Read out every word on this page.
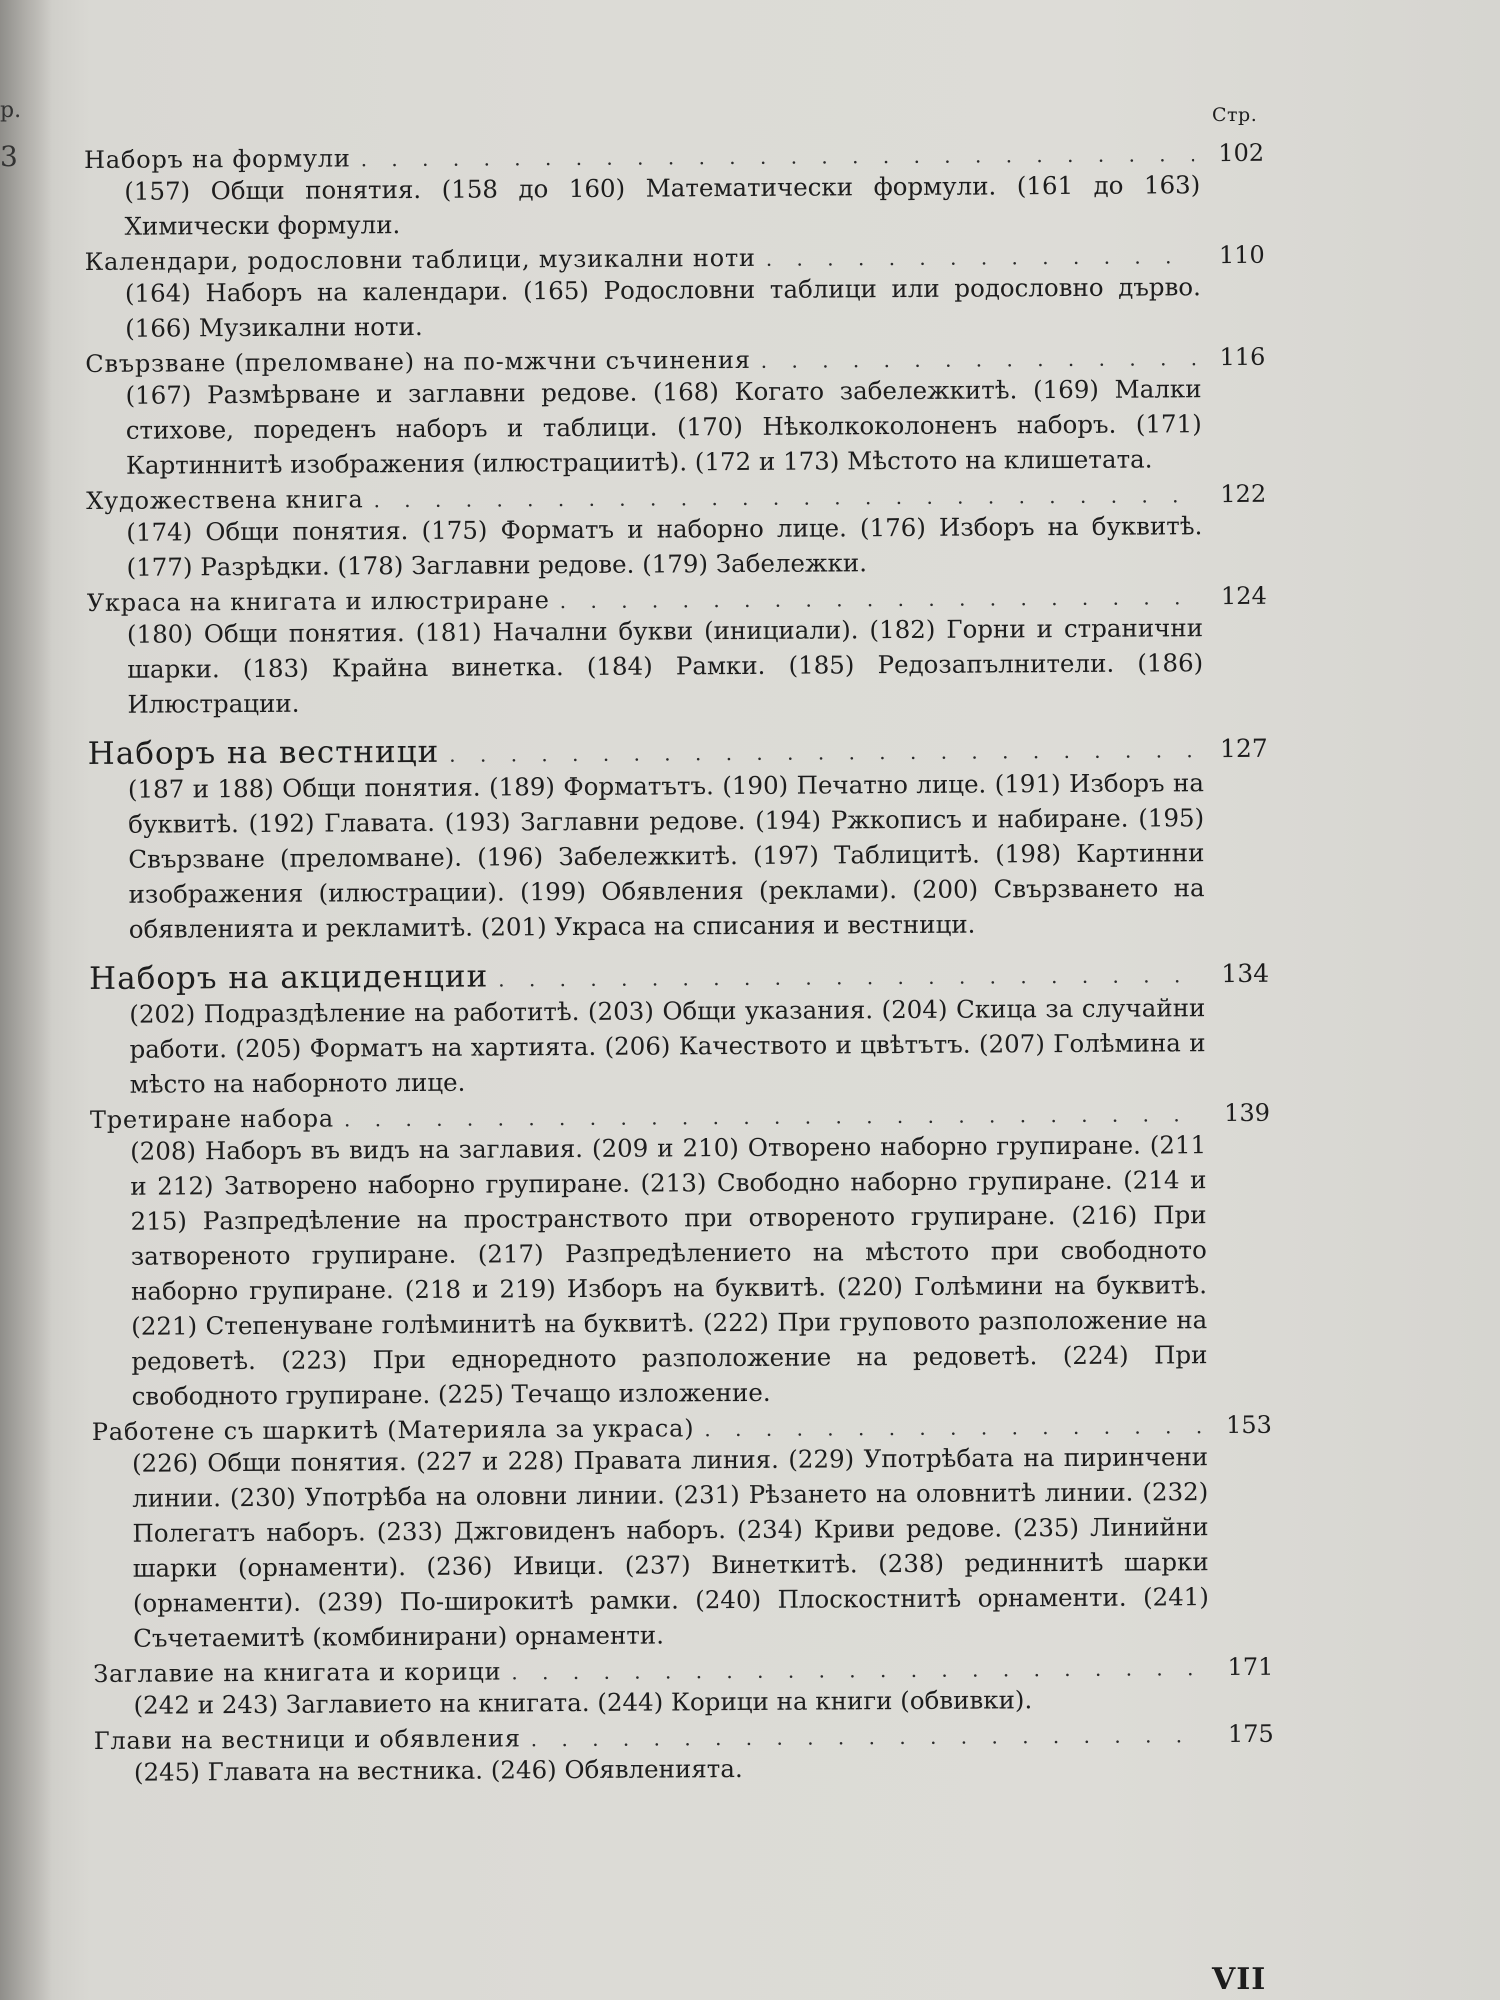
р.
3
Стр.
Наборъ на формули . . .	102
(157) Общи понятия. (158 до 160) Математически формули. (161 до 163) Химически формули.
Календари, родословни таблици, музикални ноти . . .	110
(164) Наборъ на календари. (165) Родословни таблици или родословно дърво. (166) Музикални ноти.
Свързване (преломване) на по-мжчни съчинения . . .	116
(167) Размѣрване и заглавни редове. (168) Когато забележкитѣ. (169) Малки стихове, пореденъ наборъ и таблици. (170) Нѣколкоколоненъ наборъ. (171) Картиннитѣ изображения (илюстрациитѣ). (172 и 173) Мѣстото на клишетата.
Художествена книга . . .	122
(174) Общи понятия. (175) Форматъ и наборно лице. (176) Изборъ на буквитѣ. (177) Разрѣдки. (178) Заглавни редове. (179) Забележки.
Украса на книгата и илюстриране . . .	124
(180) Общи понятия. (181) Начални букви (инициали). (182) Горни и странични шарки. (183) Крайна винетка. (184) Рамки. (185) Редозапълнители. (186) Илюстрации.
Наборъ на вестници . . .	127
(187 и 188) Общи понятия. (189) Форматътъ. (190) Печатно лице. (191) Изборъ на буквитѣ. (192) Главата. (193) Заглавни редове. (194) Ржкописъ и набиране. (195) Свързване (преломване). (196) Забележкитѣ. (197) Таблицитѣ. (198) Картинни изображения (илюстрации). (199) Обявления (реклами). (200) Свързването на обявленията и рекламитѣ. (201) Украса на списания и вестници.
Наборъ на акциденции . . .	134
(202) Подраздѣление на работитѣ. (203) Общи указания. (204) Скица за случайни работи. (205) Форматъ на хартията. (206) Качеството и цвѣтътъ. (207) Голѣмина и мѣсто на наборното лице.
Третиране набора . . .	139
(208) Наборъ въ видъ на заглавия. (209 и 210) Отворено наборно групиране. (211 и 212) Затворено наборно групиране. (213) Свободно наборно групиране. (214 и 215) Разпредѣление на пространството при отвореното групиране. (216) При затвореното групиране. (217) Разпредѣлението на мѣстото при свободното наборно групиране. (218 и 219) Изборъ на буквитѣ. (220) Голѣмини на буквитѣ. (221) Степенуване голѣминитѣ на буквитѣ. (222) При груповото разположение на редоветѣ. (223) При еднoредното разположение на редоветѣ. (224) При свободното групиране. (225) Течащо изложение.
Работене съ шаркитѣ (Материяла за украса) . . .	153
(226) Общи понятия. (227 и 228) Правата линия. (229) Употрѣбата на пиринчени линии. (230) Употрѣба на оловни линии. (231) Рѣзането на оловнитѣ линии. (232) Полегатъ наборъ. (233) Джговиденъ наборъ. (234) Криви редове. (235) Линийни шарки (орнаменти). (236) Ивици. (237) Винеткитѣ. (238) рединнитѣ шарки (орнаменти). (239) По-широкитѣ рамки. (240) Плоскостнитѣ орнаменти. (241) Съчетаемитѣ (комбинирани) орнаменти.
Заглавие на книгата и корици . . .	171
(242 и 243) Заглавието на книгата. (244) Корици на книги (обвивки).
Глави на вестници и обявления . . .	175
(245) Главата на вестника. (246) Обявленията.
VII
